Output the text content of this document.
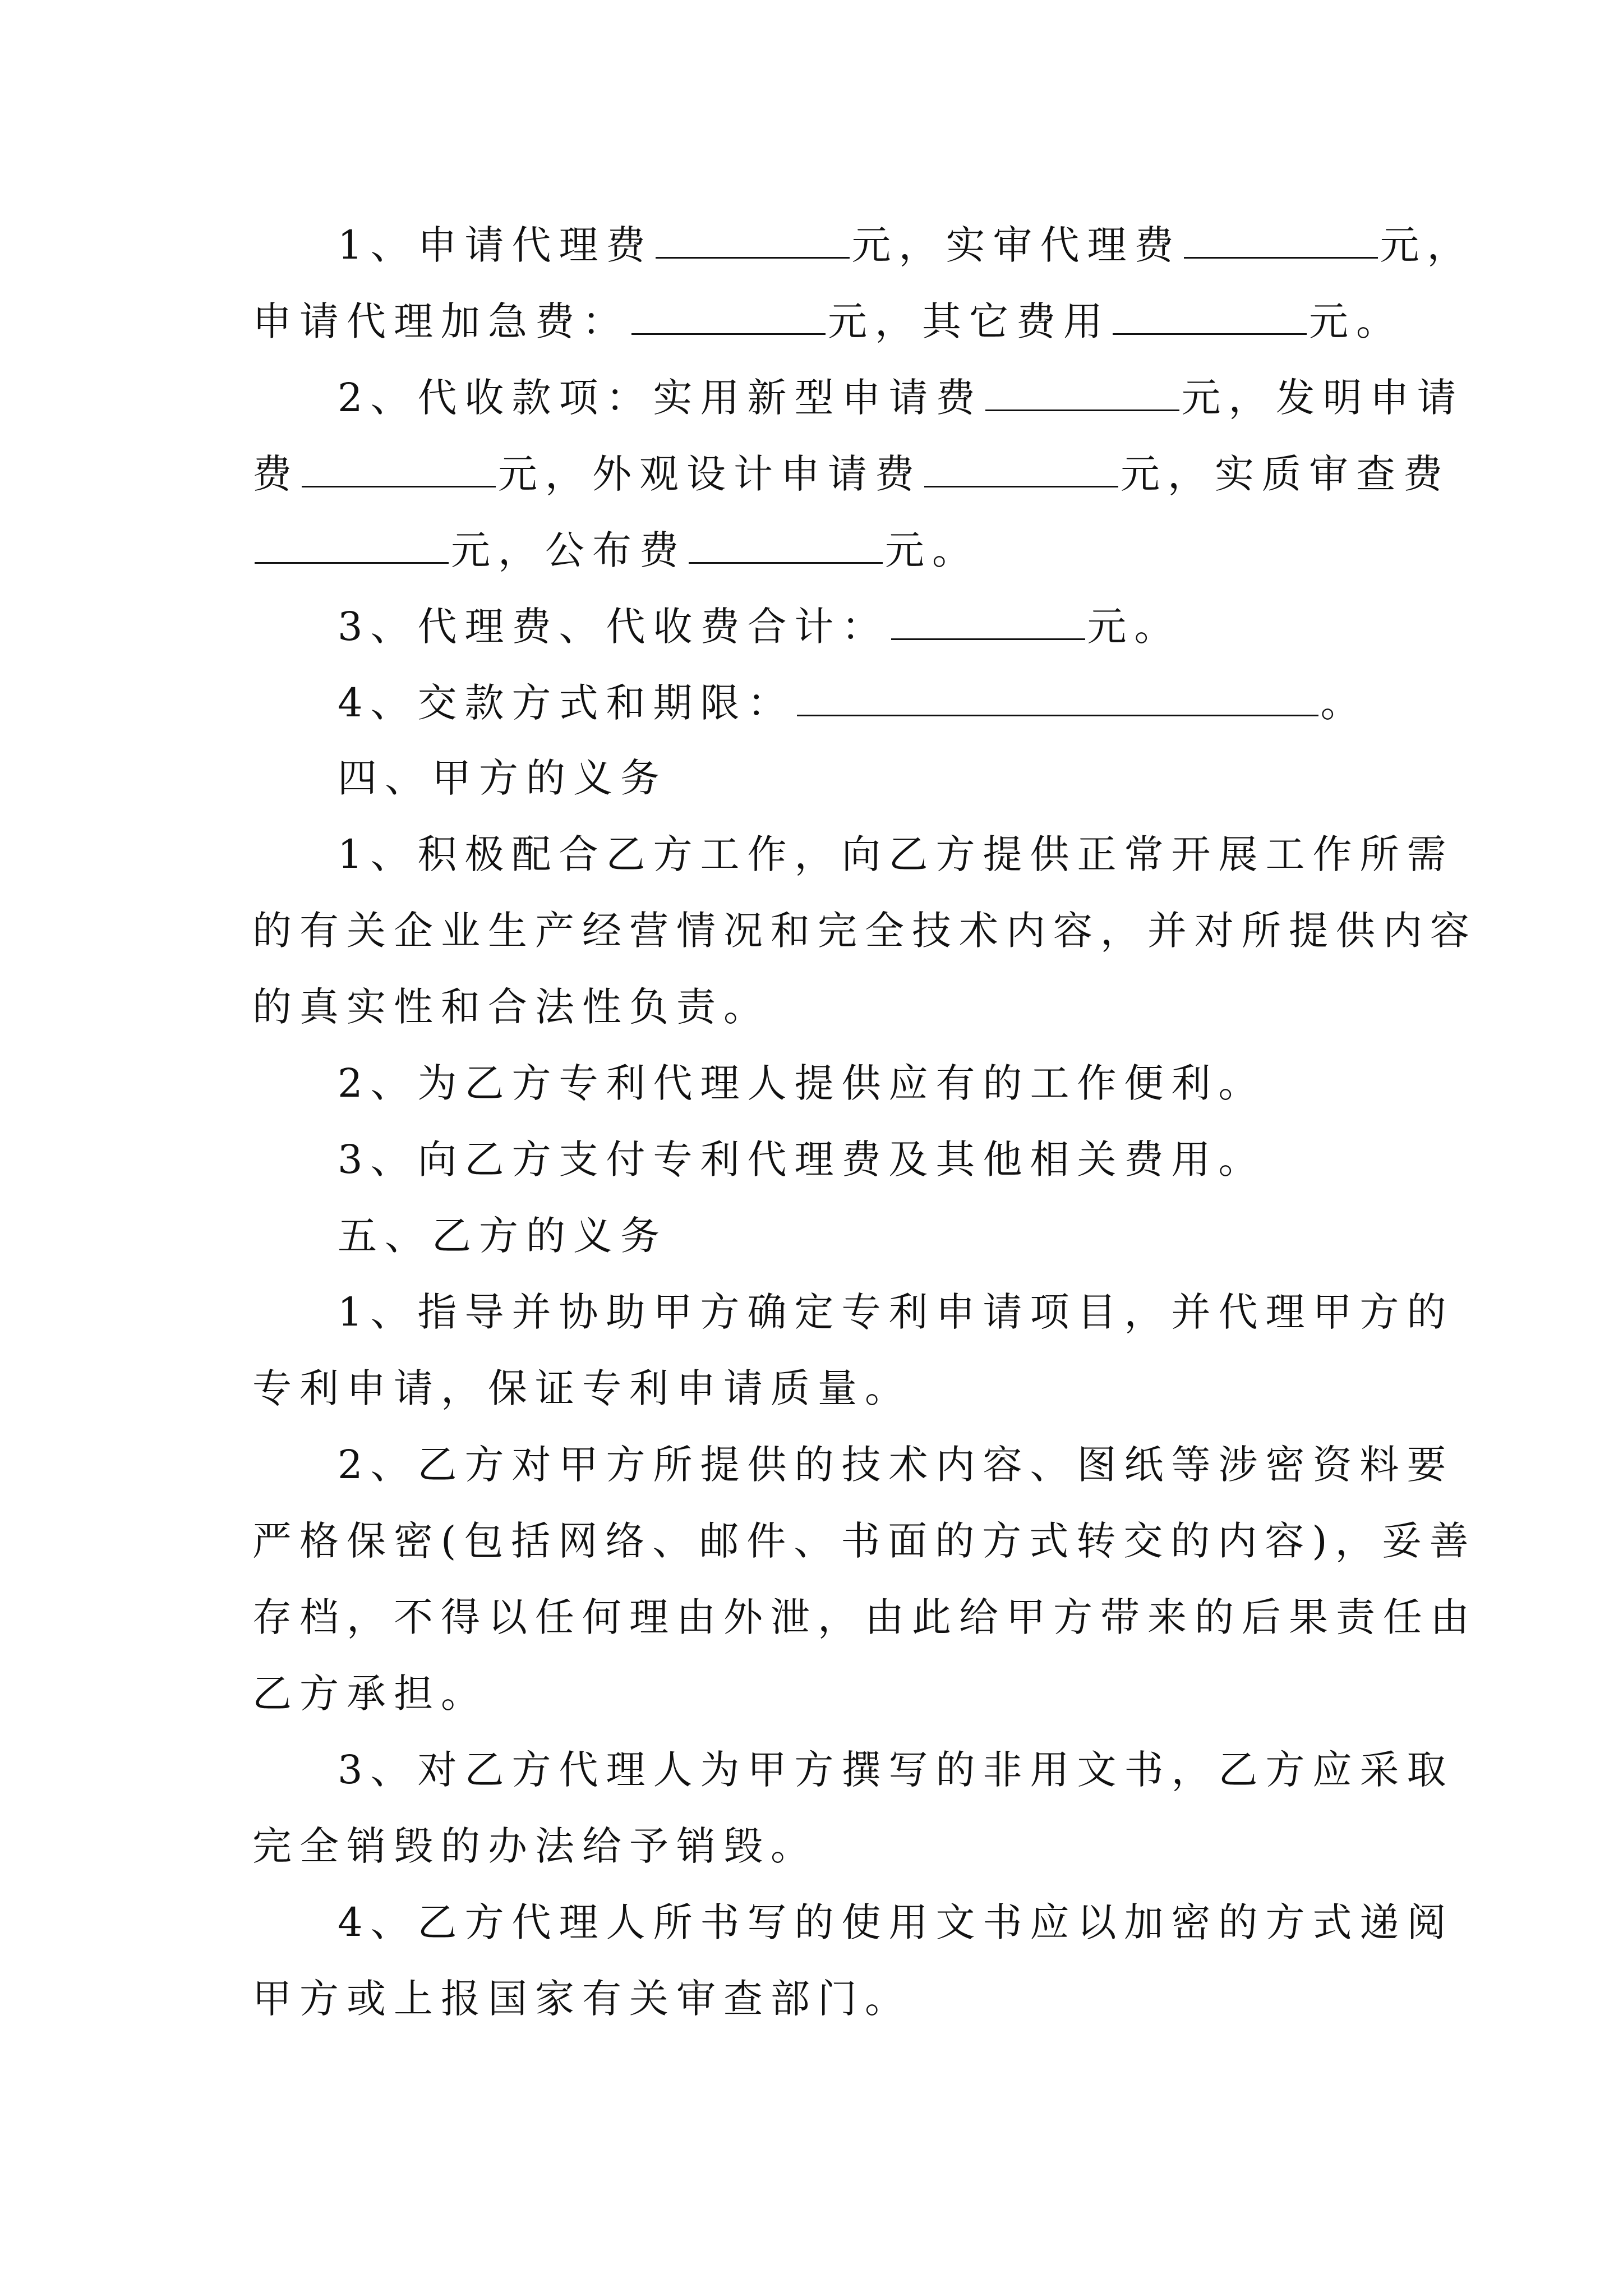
1、申请代理费	元，实审代理费	元，
申请代理加急费：	元，其它费用	元。
2、代收款项：实用新型申请费	元，发明申请
费	元，外观设计申请费	元，实质审查费
元，公布费	元。
3、代理费、代收费合计：	元。
4、交款方式和期限：	。
四、甲方的义务
1、积极配合乙方工作，向乙方提供正常开展工作所需
的有关企业生产经营情况和完全技术内容，并对所提供内容
的真实性和合法性负责。
2、为乙方专利代理人提供应有的工作便利。
3、向乙方支付专利代理费及其他相关费用。
五、乙方的义务
1、指导并协助甲方确定专利申请项目，并代理甲方的
专利申请，保证专利申请质量。
2、乙方对甲方所提供的技术内容、图纸等涉密资料要
严格保密(包括网络、邮件、书面的方式转交的内容)，妥善
存档，不得以任何理由外泄，由此给甲方带来的后果责任由
乙方承担。
3、对乙方代理人为甲方撰写的非用文书，乙方应采取
完全销毁的办法给予销毁。
4、乙方代理人所书写的使用文书应以加密的方式递阅
甲方或上报国家有关审查部门。
